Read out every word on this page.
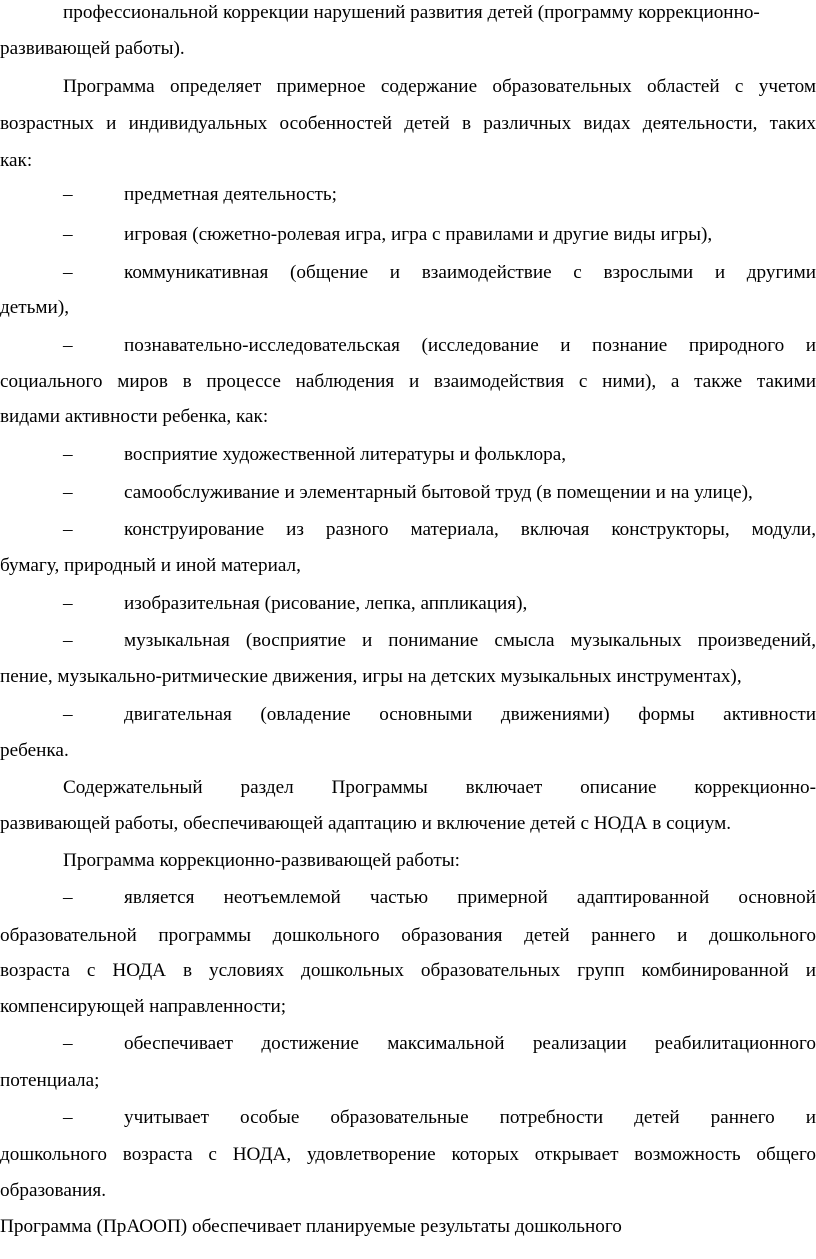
профессиональной коррекции нарушений развития детей (программу коррекционно-
развивающей работы).
Программа определяет примерное содержание образовательных областей с учетом
возрастных и индивидуальных особенностей детей в различных видах деятельности, таких
как:
–	предметная деятельность;
–	игровая (сюжетно-ролевая игра, игра с правилами и другие виды игры),
–	коммуникативная (общение и взаимодействие с взрослыми и другими
детьми),
–	познавательно-исследовательская (исследование и познание природного и
социального миров в процессе наблюдения и взаимодействия с ними), а также такими
видами активности ребенка, как:
–	восприятие художественной литературы и фольклора,
–	самообслуживание и элементарный бытовой труд (в помещении и на улице),
–	конструирование из разного материала, включая конструкторы, модули,
бумагу, природный и иной материал,
–	изобразительная (рисование, лепка, аппликация),
–	музыкальная (восприятие и понимание смысла музыкальных произведений,
пение, музыкально-ритмические движения, игры на детских музыкальных инструментах),
–	двигательная (овладение основными движениями) формы активности
ребенка.
Содержательный раздел Программы включает описание коррекционно-
развивающей работы, обеспечивающей адаптацию и включение детей с НОДА в социум.
Программа коррекционно-развивающей работы:
–	является неотъемлемой частью примерной адаптированной основной
образовательной программы дошкольного образования детей раннего и дошкольного
возраста с НОДА в условиях дошкольных образовательных групп комбинированной и
компенсирующей направленности;
–	обеспечивает достижение максимальной реализации реабилитационного
потенциала;
–	учитывает особые образовательные потребности детей раннего и
дошкольного возраста с НОДА, удовлетворение которых открывает возможность общего
образования.
Программа (ПрАООП) обеспечивает планируемые результаты дошкольного
